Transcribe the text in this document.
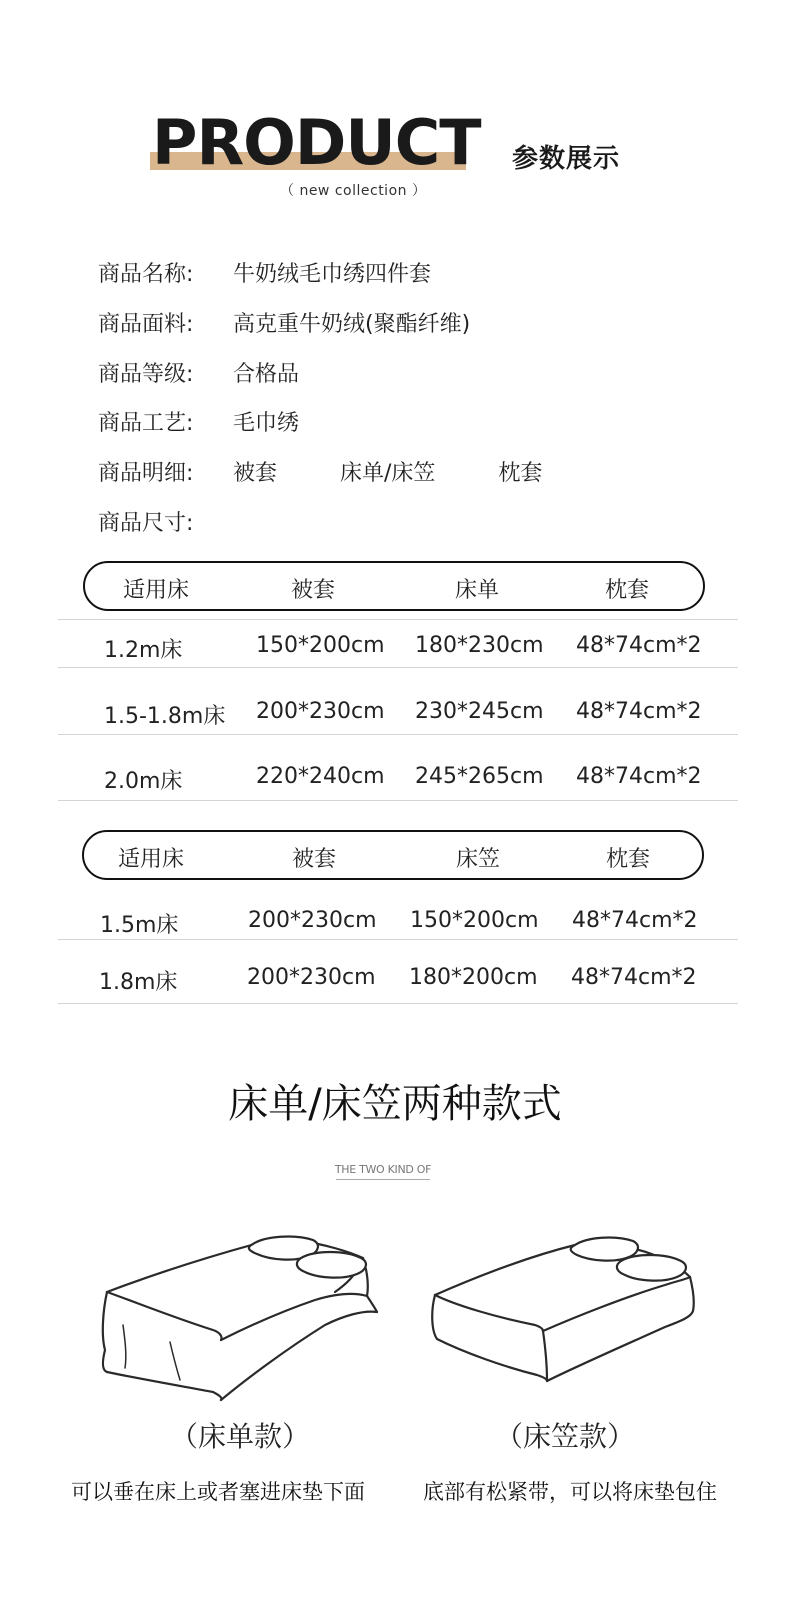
PRODUCT 参数展示
（ new collection ）
商品名称:	牛奶绒毛巾绣四件套
商品面料:	高克重牛奶绒(聚酯纤维)
商品等级:	合格品
商品工艺:	毛巾绣
商品明细:	被套   床单/床笠   枕套
商品尺寸:
适用床	被套	床单	枕套
1.2m床	150*200cm 180*230cm 48*74cm*2
1.5-1.8m床 200*230cm 230*245cm 48*74cm*2
2.0m床	220*240cm 245*265cm 48*74cm*2
适用床	被套	床笠	枕套
1.5m床	200*230cm 150*200cm 48*74cm*2
1.8m床	200*230cm 180*200cm 48*74cm*2
床单/床笠两种款式
THE TWO KIND OF
（床单款）	（床笠款）
可以垂在床上或者塞进床垫下面	底部有松紧带，可以将床垫包住
